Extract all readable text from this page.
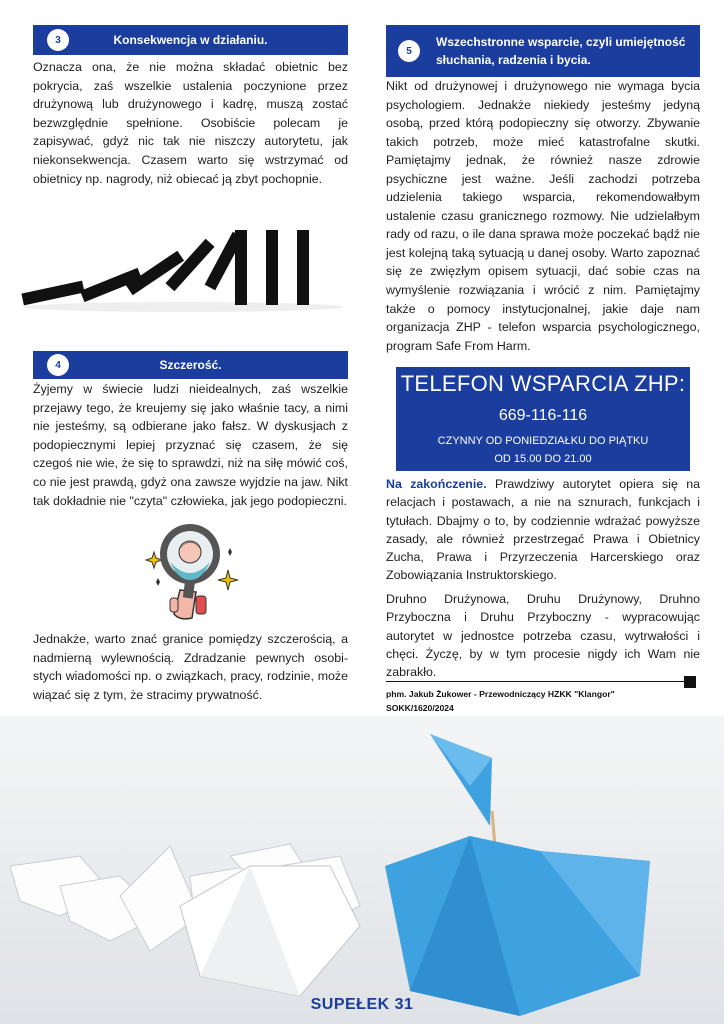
3	Konsekwencja w działaniu.

Oznacza ona, że nie można składać obietnic bez pokrycia, zaś wszelkie ustalenia poczynione przez drużynową lub drużynowego i kadrę, muszą zostać bezwzględnie spełnione. Osobiście polecam je zapisywać, gdyż nic tak nie niszczy autorytetu, jak niekonsekwencja. Czasem warto się wstrzymać od obietnicy np. nagrody, niż obiecać ją zbyt pochopnie.

4	Szczerość.

Żyjemy w świecie ludzi nieidealnych, zaś wszelkie przejawy tego, że kreujemy się jako właśnie tacy, a nimi nie jesteśmy, są odbierane jako fałsz. W dyskusjach z podopiecznymi lepiej przyznać się czasem, że się czegoś nie wie, że się to sprawdzi, niż na siłę mówić coś, co nie jest prawdą, gdyż ona zawsze wyjdzie na jaw. Nikt tak dokładnie nie "czyta" człowieka, jak jego podopieczni.

Jednakże, warto znać granice pomiędzy szczerością, a nadmierną wylewnością. Zdradzanie pewnych osobi-stych wiadomości np. o związkach, pracy, rodzinie, może wiązać się z tym, że stracimy prywatność.

5
Wszechstronne wsparcie, czyli umiejętność
słuchania, radzenia i bycia.

Nikt od drużynowej i drużynowego nie wymaga bycia psychologiem. Jednakże niekiedy jesteśmy jedyną osobą, przed którą podopieczny się otworzy. Zbywanie takich potrzeb, może mieć katastrofalne skutki. Pamiętajmy jednak, że również nasze zdrowie psychiczne jest ważne. Jeśli zachodzi potrzeba udzielenia takiego wsparcia, rekomendowałbym ustalenie czasu granicznego rozmowy. Nie udzielałbym rady od razu, o ile dana sprawa może poczekać bądź nie jest kolejną taką sytuacją u danej osoby. Warto zapoznać się ze zwięzłym opisem sytuacji, dać sobie czas na wymyślenie rozwiązania i wrócić z nim. Pamiętajmy także o pomocy instytucjonalnej, jakie daje nam organizacja ZHP - telefon wsparcia psychologicznego, program Safe From Harm.

TELEFON WSPARCIA ZHP:
669-116-116
CZYNNY OD PONIEDZIAŁKU DO PIĄTKU
OD 15.00 DO 21.00

Na zakończenie. Prawdziwy autorytet opiera się na relacjach i postawach, a nie na sznurach, funkcjach i tytułach. Dbajmy o to, by codziennie wdrażać powyższe zasady, ale również przestrzegać Prawa i Obietnicy Zucha, Prawa i Przyrzeczenia Harcerskiego oraz Zobowiązania Instruktorskiego.

Druhno Drużynowa, Druhu Drużynowy, Druhno Przyboczna i Druhu Przyboczny - wypracowując autorytet w jednostce potrzeba czasu, wytrwałości i chęci. Życzę, by w tym procesie nigdy ich Wam nie zabrakło.

phm. Jakub Żukower - Przewodniczący HZKK "Klangor"
SOKK/1620/2024
SUPEŁEK 31
